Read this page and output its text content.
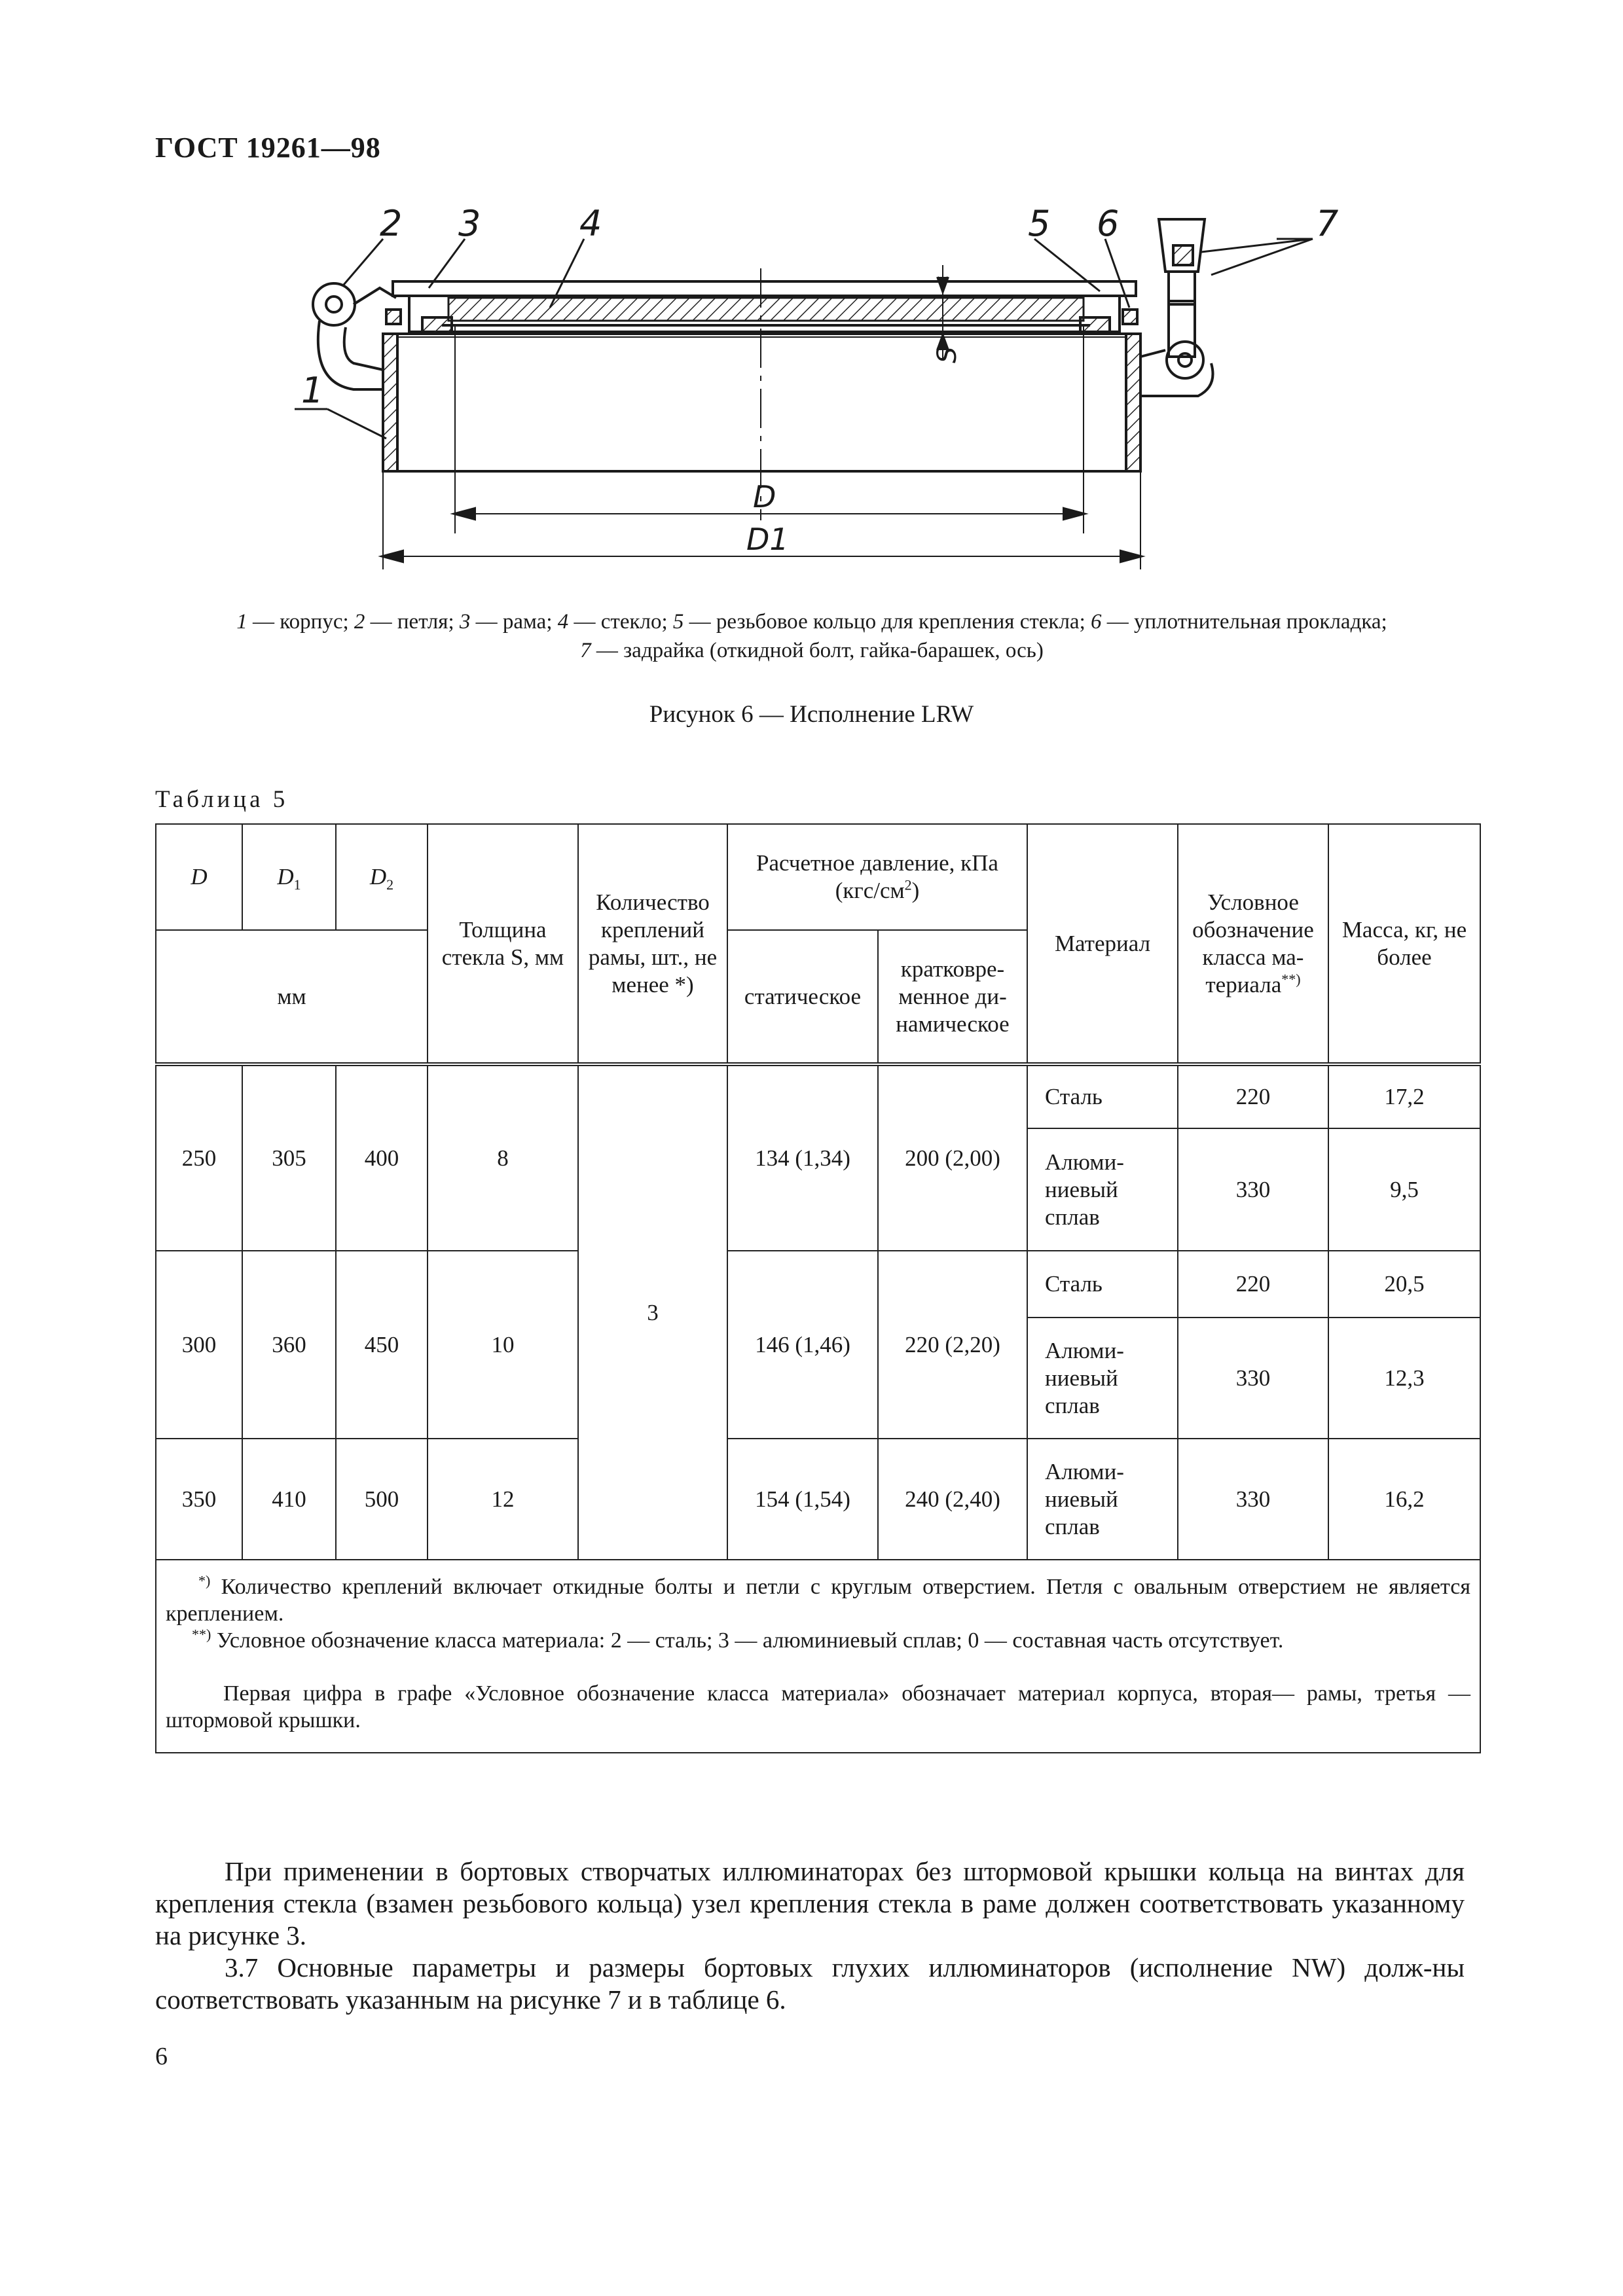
ГОСТ 19261—98
2 3	4	5 6	7
1
D
D1
S
1 — корпус; 2 — петля; 3 — рама; 4 — стекло; 5 — резьбовое кольцо для крепления стекла; 6 — уплотнительная прокладка;
7 — задрайка (откидной болт, гайка-барашек, ось)
Рисунок 6 — Исполнение LRW
Таблица 5
D	$D_1$	$D_2$	Толщина стекла S, мм	Количество креплений рамы, шт., не менее *)	Расчетное давление, кПа $(кгс/см^2)$		Материал	Условное обозначение класса ма-териала**)	Масса, кг, не более
мм					статическое	кратковре-менное ди-намическое			
250	305	400	8	3	134 (1,34)	200 (2,00)	Сталь	220	17,2
							Алюми-ниевый сплав	330	9,5
300	360	450	10		146 (1,46)	220 (2,20)	Сталь	220	20,5
							Алюми-ниевый сплав	330	12,3
350	410	500	12		154 (1,54)	240 (2,40)	Алюми-ниевый сплав	330	16,2

*) Количество креплений включает откидные болты и петли с круглым отверстием. Петля с овальным отверстием не является креплением.

**) Условное обозначение класса материала: 2 — сталь; 3 — алюминиевый сплав; 0 — составная часть отсутствует.

Первая цифра в графе «Условное обозначение класса материала» обозначает материал корпуса, вторая— рамы, третья — штормовой крышки.									

При применении в бортовых створчатых иллюминаторах без штормовой крышки кольца на винтах для крепления стекла (взамен резьбового кольца) узел крепления стекла в раме должен соответствовать указанному на рисунке 3.

3.7 Основные параметры и размеры бортовых глухих иллюминаторов (исполнение NW) долж-ны соответствовать указанным на рисунке 7 и в таблице 6.

6
